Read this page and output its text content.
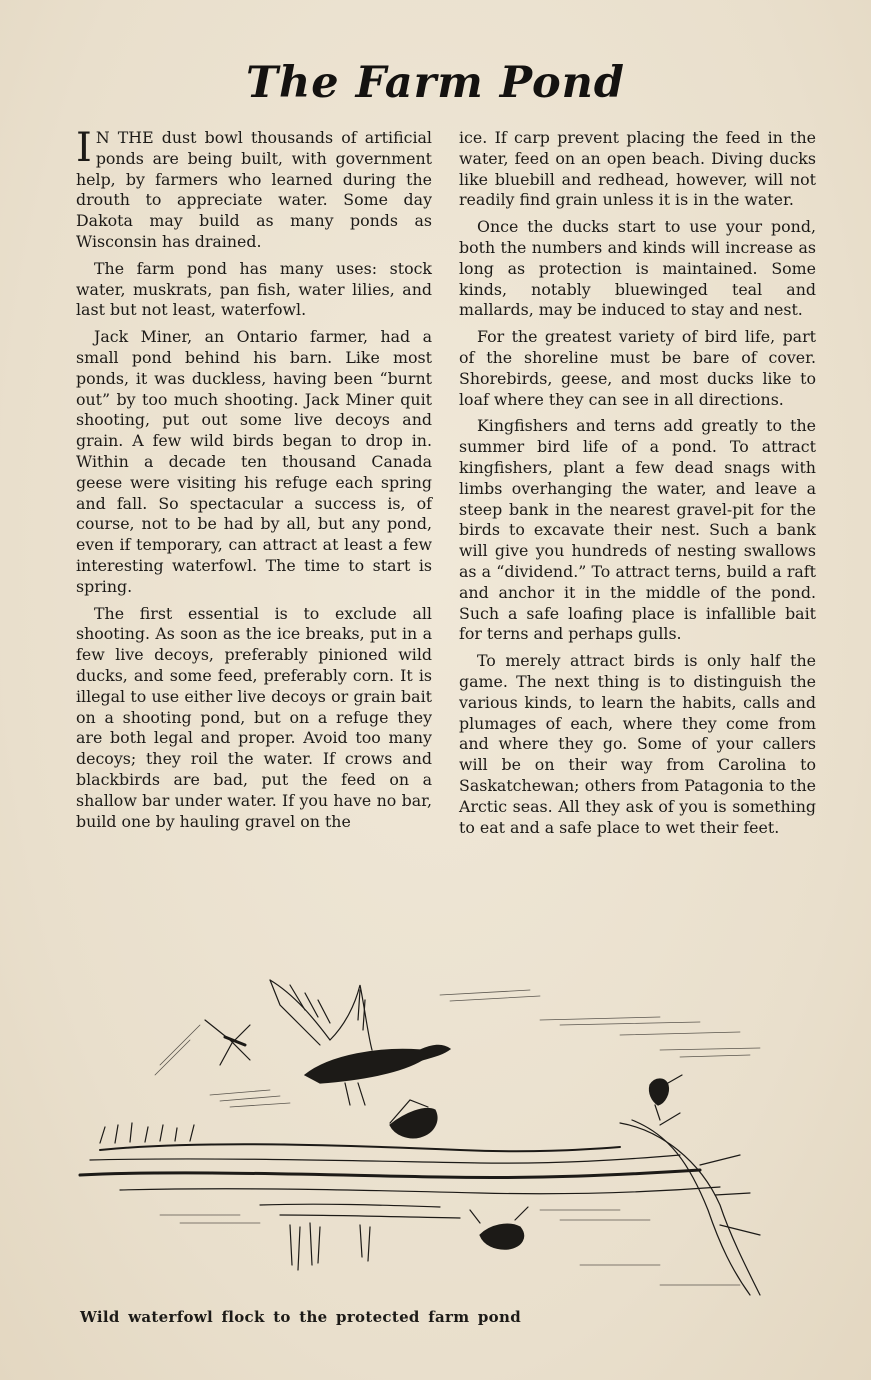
The Farm Pond

I N THE dust bowl thousands of artificial ponds are being built, with government help, by farmers who learned during the drouth to appreciate water. Some day Dakota may build as many ponds as Wisconsin has drained.

The farm pond has many uses: stock water, muskrats, pan fish, water lilies, and last but not least, waterfowl.

Jack Miner, an Ontario farmer, had a small pond behind his barn. Like most ponds, it was duckless, having been “burnt out” by too much shooting. Jack Miner quit shooting, put out some live decoys and grain. A few wild birds began to drop in. Within a decade ten thousand Canada geese were visiting his refuge each spring and fall. So spectacular a success is, of course, not to be had by all, but any pond, even if temporary, can attract at least a few interesting waterfowl. The time to start is spring.

The first essential is to exclude all shooting. As soon as the ice breaks, put in a few live decoys, preferably pinioned wild ducks, and some feed, preferably corn. It is illegal to use either live decoys or grain bait on a shooting pond, but on a refuge they are both legal and proper. Avoid too many decoys; they roil the water. If crows and blackbirds are bad, put the feed on a shallow bar under water. If you have no bar, build one by hauling gravel on the

ice. If carp prevent placing the feed in the water, feed on an open beach. Diving ducks like bluebill and redhead, however, will not readily find grain unless it is in the water.

Once the ducks start to use your pond, both the numbers and kinds will increase as long as protection is maintained. Some kinds, notably bluewinged teal and mallards, may be induced to stay and nest.

For the greatest variety of bird life, part of the shoreline must be bare of cover. Shorebirds, geese, and most ducks like to loaf where they can see in all directions.

Kingfishers and terns add greatly to the summer bird life of a pond. To attract kingfishers, plant a few dead snags with limbs overhanging the water, and leave a steep bank in the nearest gravel-pit for the birds to excavate their nest. Such a bank will give you hundreds of nesting swallows as a “dividend.” To attract terns, build a raft and anchor it in the middle of the pond. Such a safe loafing place is infallible bait for terns and perhaps gulls.

To merely attract birds is only half the game. The next thing is to distinguish the various kinds, to learn the habits, calls and plumages of each, where they come from and where they go. Some of your callers will be on their way from Carolina to Saskatchewan; others from Patagonia to the Arctic seas. All they ask of you is something to eat and a safe place to wet their feet.

Wild waterfowl flock to the protected farm pond
